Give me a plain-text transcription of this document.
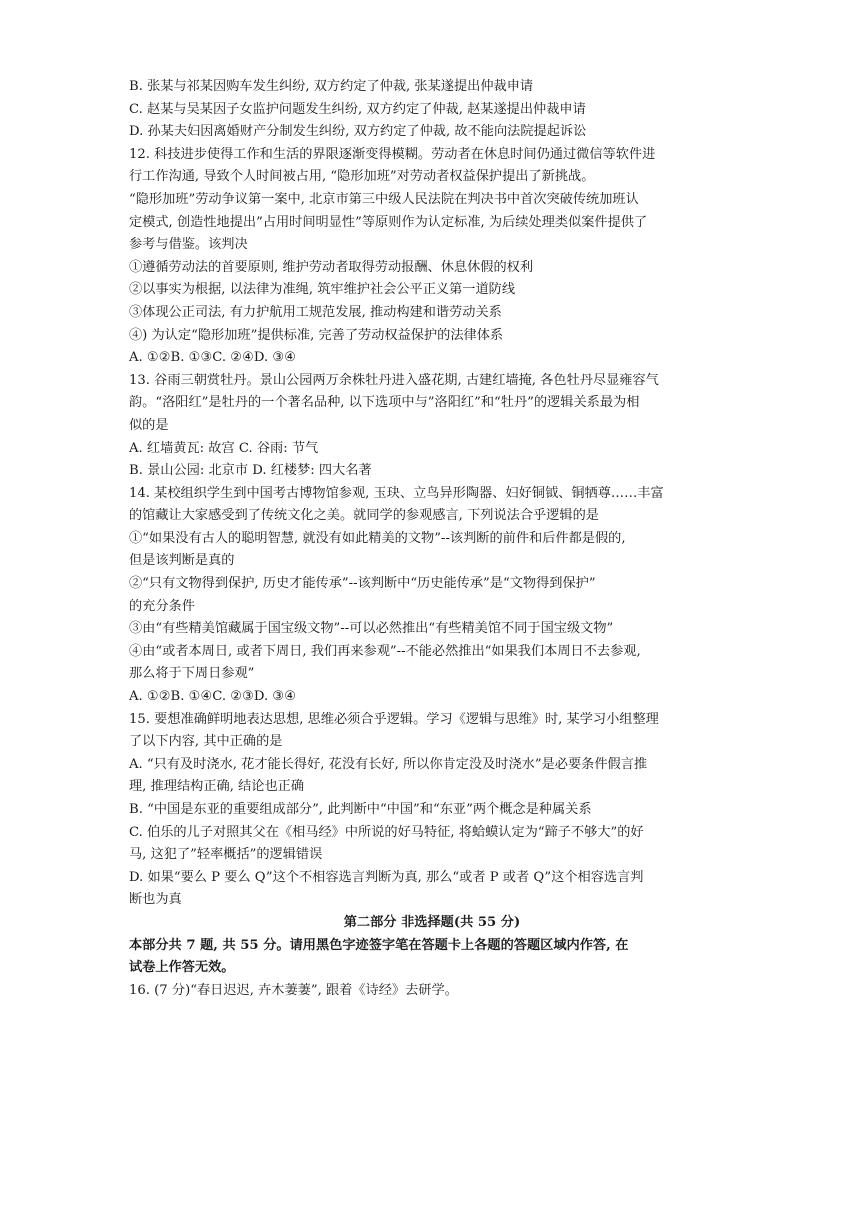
B. 张某与祁某因购车发生纠纷, 双方约定了仲裁, 张某遂提出仲裁申请
C. 赵某与吴某因子女监护问题发生纠纷, 双方约定了仲裁, 赵某遂提出仲裁申请
D. 孙某夫妇因离婚财产分制发生纠纷, 双方约定了仲裁, 故不能向法院提起诉讼
12. 科技进步使得工作和生活的界限逐渐变得模糊。劳动者在休息时间仍通过微信等软件进
行工作沟通, 导致个人时间被占用, “隐形加班”对劳动者权益保护提出了新挑战。
“隐形加班”劳动争议第一案中, 北京市第三中级人民法院在判决书中首次突破传统加班认
定模式, 创造性地提出”占用时间明显性”等原则作为认定标准, 为后续处理类似案件提供了
参考与借鉴。该判决
①遵循劳动法的首要原则, 维护劳动者取得劳动报酬、休息休假的权利
②以事实为根据, 以法律为准绳, 筑牢维护社会公平正义第一道防线
③体现公正司法, 有力护航用工规范发展, 推动构建和谐劳动关系
④) 为认定“隐形加班”提供标准, 完善了劳动权益保护的法律体系
A. ①②B. ①③C. ②④D. ③④
13. 谷雨三朝赏牡丹。景山公园两万余株牡丹进入盛花期, 古建红墙掩, 各色牡丹尽显雍容气
韵。“洛阳红”是牡丹的一个著名品种, 以下选项中与”洛阳红”和“牡丹”的逻辑关系最为相
似的是
A. 红墙黄瓦: 故宫 C. 谷雨: 节气
B. 景山公园: 北京市 D. 红楼梦: 四大名著
14. 某校组织学生到中国考古博物馆参观, 玉玦、立鸟异形陶器、妇好铜钺、铜牺尊……丰富
的馆藏让大家感受到了传统文化之美。就同学的参观感言, 下列说法合乎逻辑的是
①“如果没有古人的聪明智慧, 就没有如此精美的文物”--该判断的前件和后件都是假的,
但是该判断是真的
②“只有文物得到保护, 历史才能传承”--该判断中“历史能传承”是“文物得到保护”
的充分条件
③由“有些精美馆藏属于国宝级文物”--可以必然推出“有些精美馆不同于国宝级文物”
④由“或者本周日, 或者下周日, 我们再来参观”--不能必然推出“如果我们本周日不去参观,
那么将于下周日参观”
A. ①②B. ①④C. ②③D. ③④
15. 要想准确鲜明地表达思想, 思维必须合乎逻辑。学习《逻辑与思维》时, 某学习小组整理
了以下内容, 其中正确的是
A. “只有及时浇水, 花才能长得好, 花没有长好, 所以你肯定没及时浇水”是必要条件假言推
理, 推理结构正确, 结论也正确
B. “中国是东亚的重要组成部分”, 此判断中“中国”和“东亚”两个概念是种属关系
C. 伯乐的儿子对照其父在《相马经》中所说的好马特征, 将蛤蟆认定为“蹄子不够大”的好
马, 这犯了”轻率概括”的逻辑错误
D. 如果“要么 P 要么 Q”这个不相容选言判断为真, 那么“或者 P 或者 Q”这个相容选言判
断也为真
第二部分 非选择题(共 55 分)
本部分共 7 题, 共 55 分。请用黑色字迹签字笔在答题卡上各题的答题区域内作答, 在
试卷上作答无效。
16. (7 分)“春日迟迟, 卉木萋萋”, 跟着《诗经》去研学。
